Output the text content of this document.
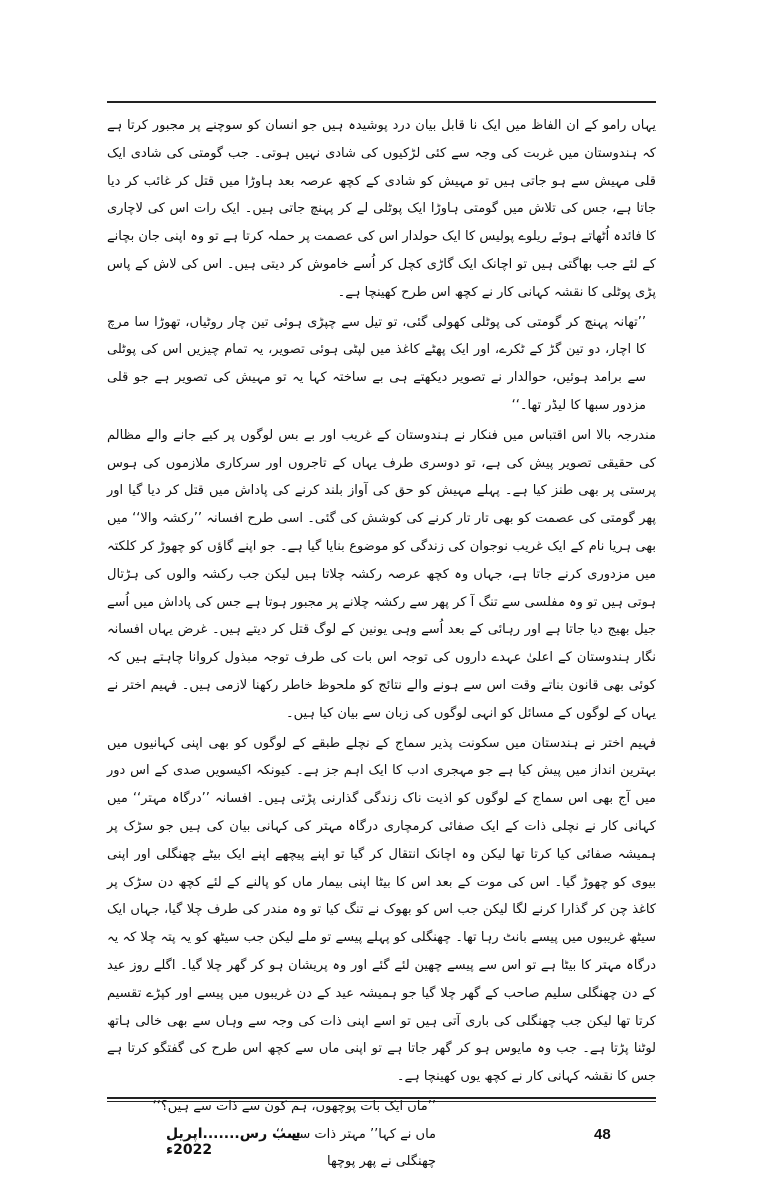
یہاں رامو کے ان الفاظ میں ایک نا قابل بیان درد پوشیدہ ہیں جو انسان کو سوچنے پر مجبور کرتا ہے کہ ہندوستان میں غربت کی وجہ سے کئی لڑکیوں کی شادی نہیں ہوتی۔ جب گومتی کی شادی ایک قلی مہیش سے ہو جاتی ہیں تو مہیش کو شادی کے کچھ عرصہ بعد ہاوڑا میں قتل کر غائب کر دیا جاتا ہے، جس کی تلاش میں گومتی ہاوڑا ایک پوٹلی لے کر پہنچ جاتی ہیں۔ ایک رات اس کی لاچاری کا فائدہ اُٹھاتے ہوئے ریلوے پولیس کا ایک حولدار اس کی عصمت پر حملہ کرتا ہے تو وہ اپنی جان بچانے کے لئے جب بھاگتی ہیں تو اچانک ایک گاڑی کچل کر اُسے خاموش کر دیتی ہیں۔ اس کی لاش کے پاس پڑی پوٹلی کا نقشہ کہانی کار نے کچھ اس طرح کھینچا ہے۔

’’تھانہ پہنچ کر گومتی کی پوٹلی کھولی گئی، تو تیل سے چپڑی ہوئی تین چار روٹیاں، تھوڑا سا مرچ کا اچار، دو تین گڑ کے ٹکرے، اور ایک پھٹے کاغذ میں لپٹی ہوئی تصویر، یہ تمام چیزیں اس کی پوٹلی سے برامد ہوئیں، حوالدار نے تصویر دیکھتے ہی بے ساختہ کہا یہ تو مہیش کی تصویر ہے جو قلی مزدور سبھا کا لیڈر تھا۔‘‘

مندرجہ بالا اس اقتباس میں فنکار نے ہندوستان کے غریب اور بے بس لوگوں پر کیے جانے والے مظالم کی حقیقی تصویر پیش کی ہے، تو دوسری طرف یہاں کے تاجروں اور سرکاری ملازموں کی ہوس پرستی پر بھی طنز کیا ہے۔ پہلے مہیش کو حق کی آواز بلند کرنے کی پاداش میں قتل کر دیا گیا اور پھر گومتی کی عصمت کو بھی تار تار کرنے کی کوشش کی گئی۔ اسی طرح افسانہ ’’رکشہ والا‘‘ میں بھی ہریا نام کے ایک غریب نوجوان کی زندگی کو موضوع بنایا گیا ہے۔ جو اپنے گاؤں کو چھوڑ کر کلکتہ میں مزدوری کرنے جاتا ہے، جہاں وہ کچھ عرصہ رکشہ چلاتا ہیں لیکن جب رکشہ والوں کی ہڑتال ہوتی ہیں تو وہ مفلسی سے تنگ آ کر پھر سے رکشہ چلانے پر مجبور ہوتا ہے جس کی پاداش میں اُسے جیل بھیج دیا جاتا ہے اور رہائی کے بعد اُسے وہی یونین کے لوگ قتل کر دیتے ہیں۔ غرض یہاں افسانہ نگار ہندوستان کے اعلیٰ عہدے داروں کی توجہ اس بات کی طرف توجہ مبذول کروانا چاہتے ہیں کہ کوئی بھی قانون بناتے وقت اس سے ہونے والے نتائج کو ملحوظ خاطر رکھنا لازمی ہیں۔ فہیم اختر نے یہاں کے لوگوں کے مسائل کو انہی لوگوں کی زبان سے بیان کیا ہیں۔

فہیم اختر نے ہندستان میں سکونت پذیر سماج کے نچلے طبقے کے لوگوں کو بھی اپنی کہانیوں میں بہترین انداز میں پیش کیا ہے جو مہجری ادب کا ایک اہم جز ہے۔ کیونکہ اکیسویں صدی کے اس دور میں آج بھی اس سماج کے لوگوں کو اذیت ناک زندگی گذارنی پڑتی ہیں۔ افسانہ ’’درگاہ مہتر‘‘ میں کہانی کار نے نچلی ذات کے ایک صفائی کرمچاری درگاہ مہتر کی کہانی بیان کی ہیں جو سڑک پر ہمیشہ صفائی کیا کرتا تھا لیکن وہ اچانک انتقال کر گیا تو اپنے پیچھے اپنے ایک بیٹے چھنگلی اور اپنی بیوی کو چھوڑ گیا۔ اس کی موت کے بعد اس کا بیٹا اپنی بیمار ماں کو پالنے کے لئے کچھ دن سڑک پر کاغذ چن کر گذارا کرنے لگا لیکن جب اس کو بھوک نے تنگ کیا تو وہ مندر کی طرف چلا گیا، جہاں ایک سیٹھ غریبوں میں پیسے بانٹ رہا تھا۔ چھنگلی کو پہلے پیسے تو ملے لیکن جب سیٹھ کو یہ پتہ چلا کہ یہ درگاہ مہتر کا بیٹا ہے تو اس سے پیسے چھین لئے گئے اور وہ پریشان ہو کر گھر چلا گیا۔ اگلے روز عید کے دن چھنگلی سلیم صاحب کے گھر چلا گیا جو ہمیشہ عید کے دن غریبوں میں پیسے اور کپڑے تقسیم کرتا تھا لیکن جب چھنگلی کی باری آتی ہیں تو اسے اپنی ذات کی وجہ سے وہاں سے بھی خالی ہاتھ لوٹنا پڑتا ہے۔ جب وہ مایوس ہو کر گھر جاتا ہے تو اپنی ماں سے کچھ اس طرح کی گفتگو کرتا ہے جس کا نقشہ کہانی کار نے کچھ یوں کھینچا ہے۔

’’ماں ایک بات پوچھوں، ہم کون سے ذات سے ہیں؟‘‘

ماں نے کہا’’ مہتر ذات سے۔‘‘

چھنگلی نے پھر پوچھا

سب رس.......اپریل 2022ء
48
